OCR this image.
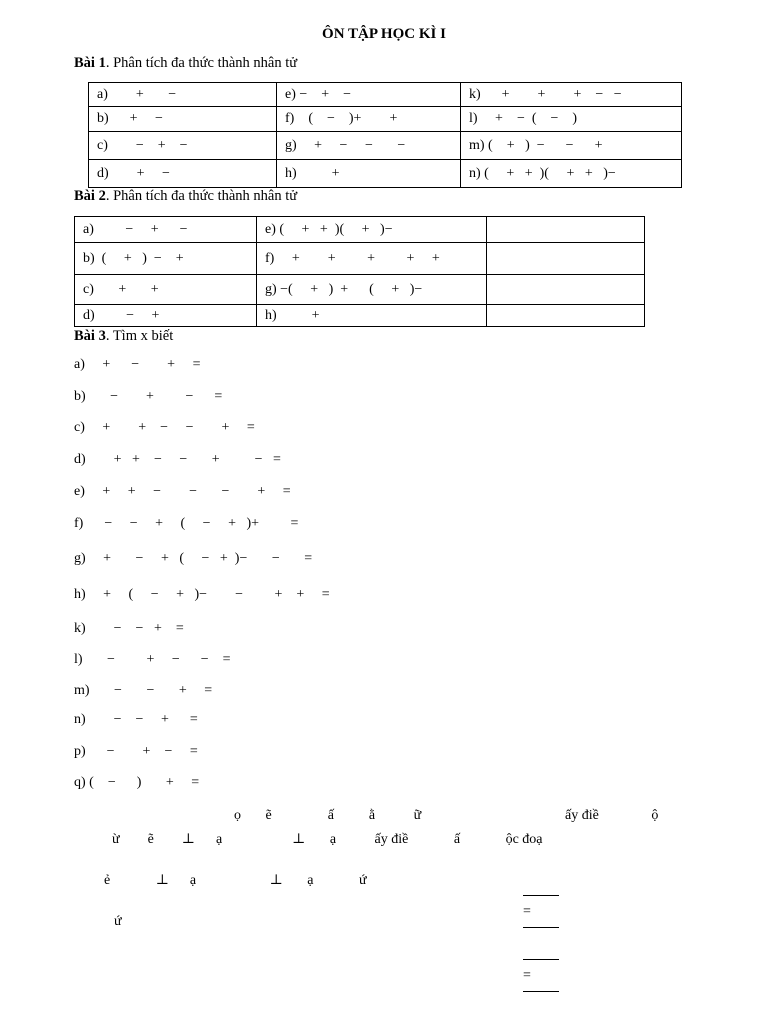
ÔN TẬP HỌC KÌ I
Bài 1. Phân tích đa thức thành nhân tử
a)        +       −	e) −    +    −	k)      +        +        +    −   −
b)      +     −	f)    (    −    )+        +	l)     +    −  (    −    )
c)        −    +    −	g)     +     −     −       −	m) (    +   )  −      −      +
d)        +     −	h)          +	n) (     +   +  )(     +   +   )−
Bài 2. Phân tích đa thức thành nhân tử
a)         −     +      −	e) (     +   +  )(     +   )−	
b)  (     +   )  −    +	f)     +        +         +         +     +	
c)       +       +	g) −(     +   )  +      (     +   )−	
d)         −     +	h)          +	
Bài 3. Tìm x biết
a)     +      −        +     =
b)       −        +         −      =
c)     +        +    −     −        +     =
d)        +   +    −     −       +          −   =
e)     +     +     −        −       −        +     =
f)      −     −     +     (     −     +   )+         =
g)     +       −     +   (     −   +  )−       −       =
h)     +     (     −     +   )−        −         +    +     =
k)        −    −   +    =
l)       −         +     −      −    =
m)       −       −       +     =
n)        −    −     +      =
p)      −        +    −     =
q) (    −      )       +     =
ọ       ẽ                ấ          ằ           ữ	ấy điề               ộ
ừ        ẽ        ⊥      ạ                    ⊥       ạ           ấy điề             ấ             ộc đoạ
ẻ             ⊥      ạ                     ⊥       ạ             ứ

=

=

ứ
